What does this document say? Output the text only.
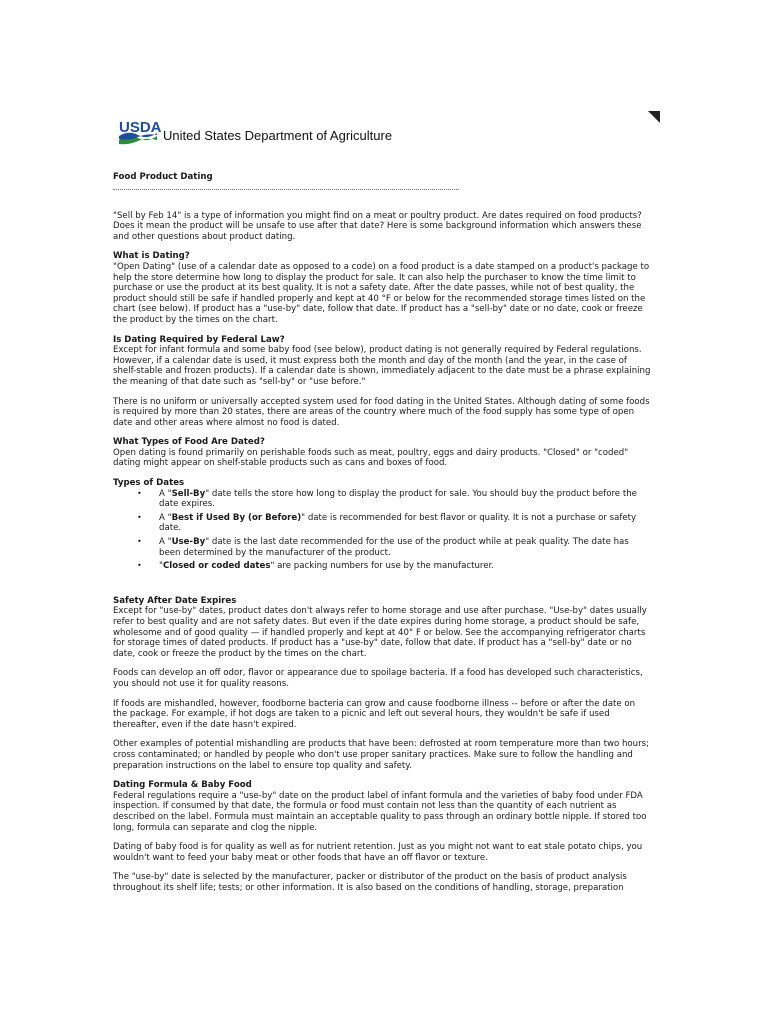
USDA United States Department of Agriculture
Food Product Dating

"Sell by Feb 14" is a type of information you might find on a meat or poultry product. Are dates required on food products? Does it mean the product will be unsafe to use after that date? Here is some background information which answers these and other questions about product dating.

What is Dating?

"Open Dating" (use of a calendar date as opposed to a code) on a food product is a date stamped on a product's package to help the store determine how long to display the product for sale. It can also help the purchaser to know the time limit to purchase or use the product at its best quality. It is not a safety date. After the date passes, while not of best quality, the product should still be safe if handled properly and kept at 40 °F or below for the recommended storage times listed on the chart (see below). If product has a "use-by" date, follow that date. If product has a "sell-by" date or no date, cook or freeze the product by the times on the chart.

Is Dating Required by Federal Law?

Except for infant formula and some baby food (see below), product dating is not generally required by Federal regulations. However, if a calendar date is used, it must express both the month and day of the month (and the year, in the case of shelf-stable and frozen products). If a calendar date is shown, immediately adjacent to the date must be a phrase explaining the meaning of that date such as "sell-by" or "use before."

There is no uniform or universally accepted system used for food dating in the United States. Although dating of some foods is required by more than 20 states, there are areas of the country where much of the food supply has some type of open date and other areas where almost no food is dated.

What Types of Food Are Dated?

Open dating is found primarily on perishable foods such as meat, poultry, eggs and dairy products. "Closed" or "coded" dating might appear on shelf-stable products such as cans and boxes of food.

Types of Dates
• A "Sell-By" date tells the store how long to display the product for sale. You should buy the product before the date expires.
• A "Best if Used By (or Before)" date is recommended for best flavor or quality. It is not a purchase or safety date.
• A "Use-By" date is the last date recommended for the use of the product while at peak quality. The date has been determined by the manufacturer of the product.
• "Closed or coded dates" are packing numbers for use by the manufacturer.
Safety After Date Expires

Except for "use-by" dates, product dates don't always refer to home storage and use after purchase. "Use-by" dates usually refer to best quality and are not safety dates. But even if the date expires during home storage, a product should be safe, wholesome and of good quality — if handled properly and kept at 40° F or below. See the accompanying refrigerator charts for storage times of dated products. If product has a "use-by" date, follow that date. If product has a "sell-by" date or no date, cook or freeze the product by the times on the chart.

Foods can develop an off odor, flavor or appearance due to spoilage bacteria. If a food has developed such characteristics, you should not use it for quality reasons.

If foods are mishandled, however, foodborne bacteria can grow and cause foodborne illness -- before or after the date on the package. For example, if hot dogs are taken to a picnic and left out several hours, they wouldn't be safe if used thereafter, even if the date hasn't expired.

Other examples of potential mishandling are products that have been: defrosted at room temperature more than two hours; cross contaminated; or handled by people who don't use proper sanitary practices. Make sure to follow the handling and preparation instructions on the label to ensure top quality and safety.

Dating Formula & Baby Food

Federal regulations require a "use-by" date on the product label of infant formula and the varieties of baby food under FDA inspection. If consumed by that date, the formula or food must contain not less than the quantity of each nutrient as described on the label. Formula must maintain an acceptable quality to pass through an ordinary bottle nipple. If stored too long, formula can separate and clog the nipple.

Dating of baby food is for quality as well as for nutrient retention. Just as you might not want to eat stale potato chips, you wouldn't want to feed your baby meat or other foods that have an off flavor or texture.

The "use-by" date is selected by the manufacturer, packer or distributor of the product on the basis of product analysis throughout its shelf life; tests; or other information. It is also based on the conditions of handling, storage, preparation
